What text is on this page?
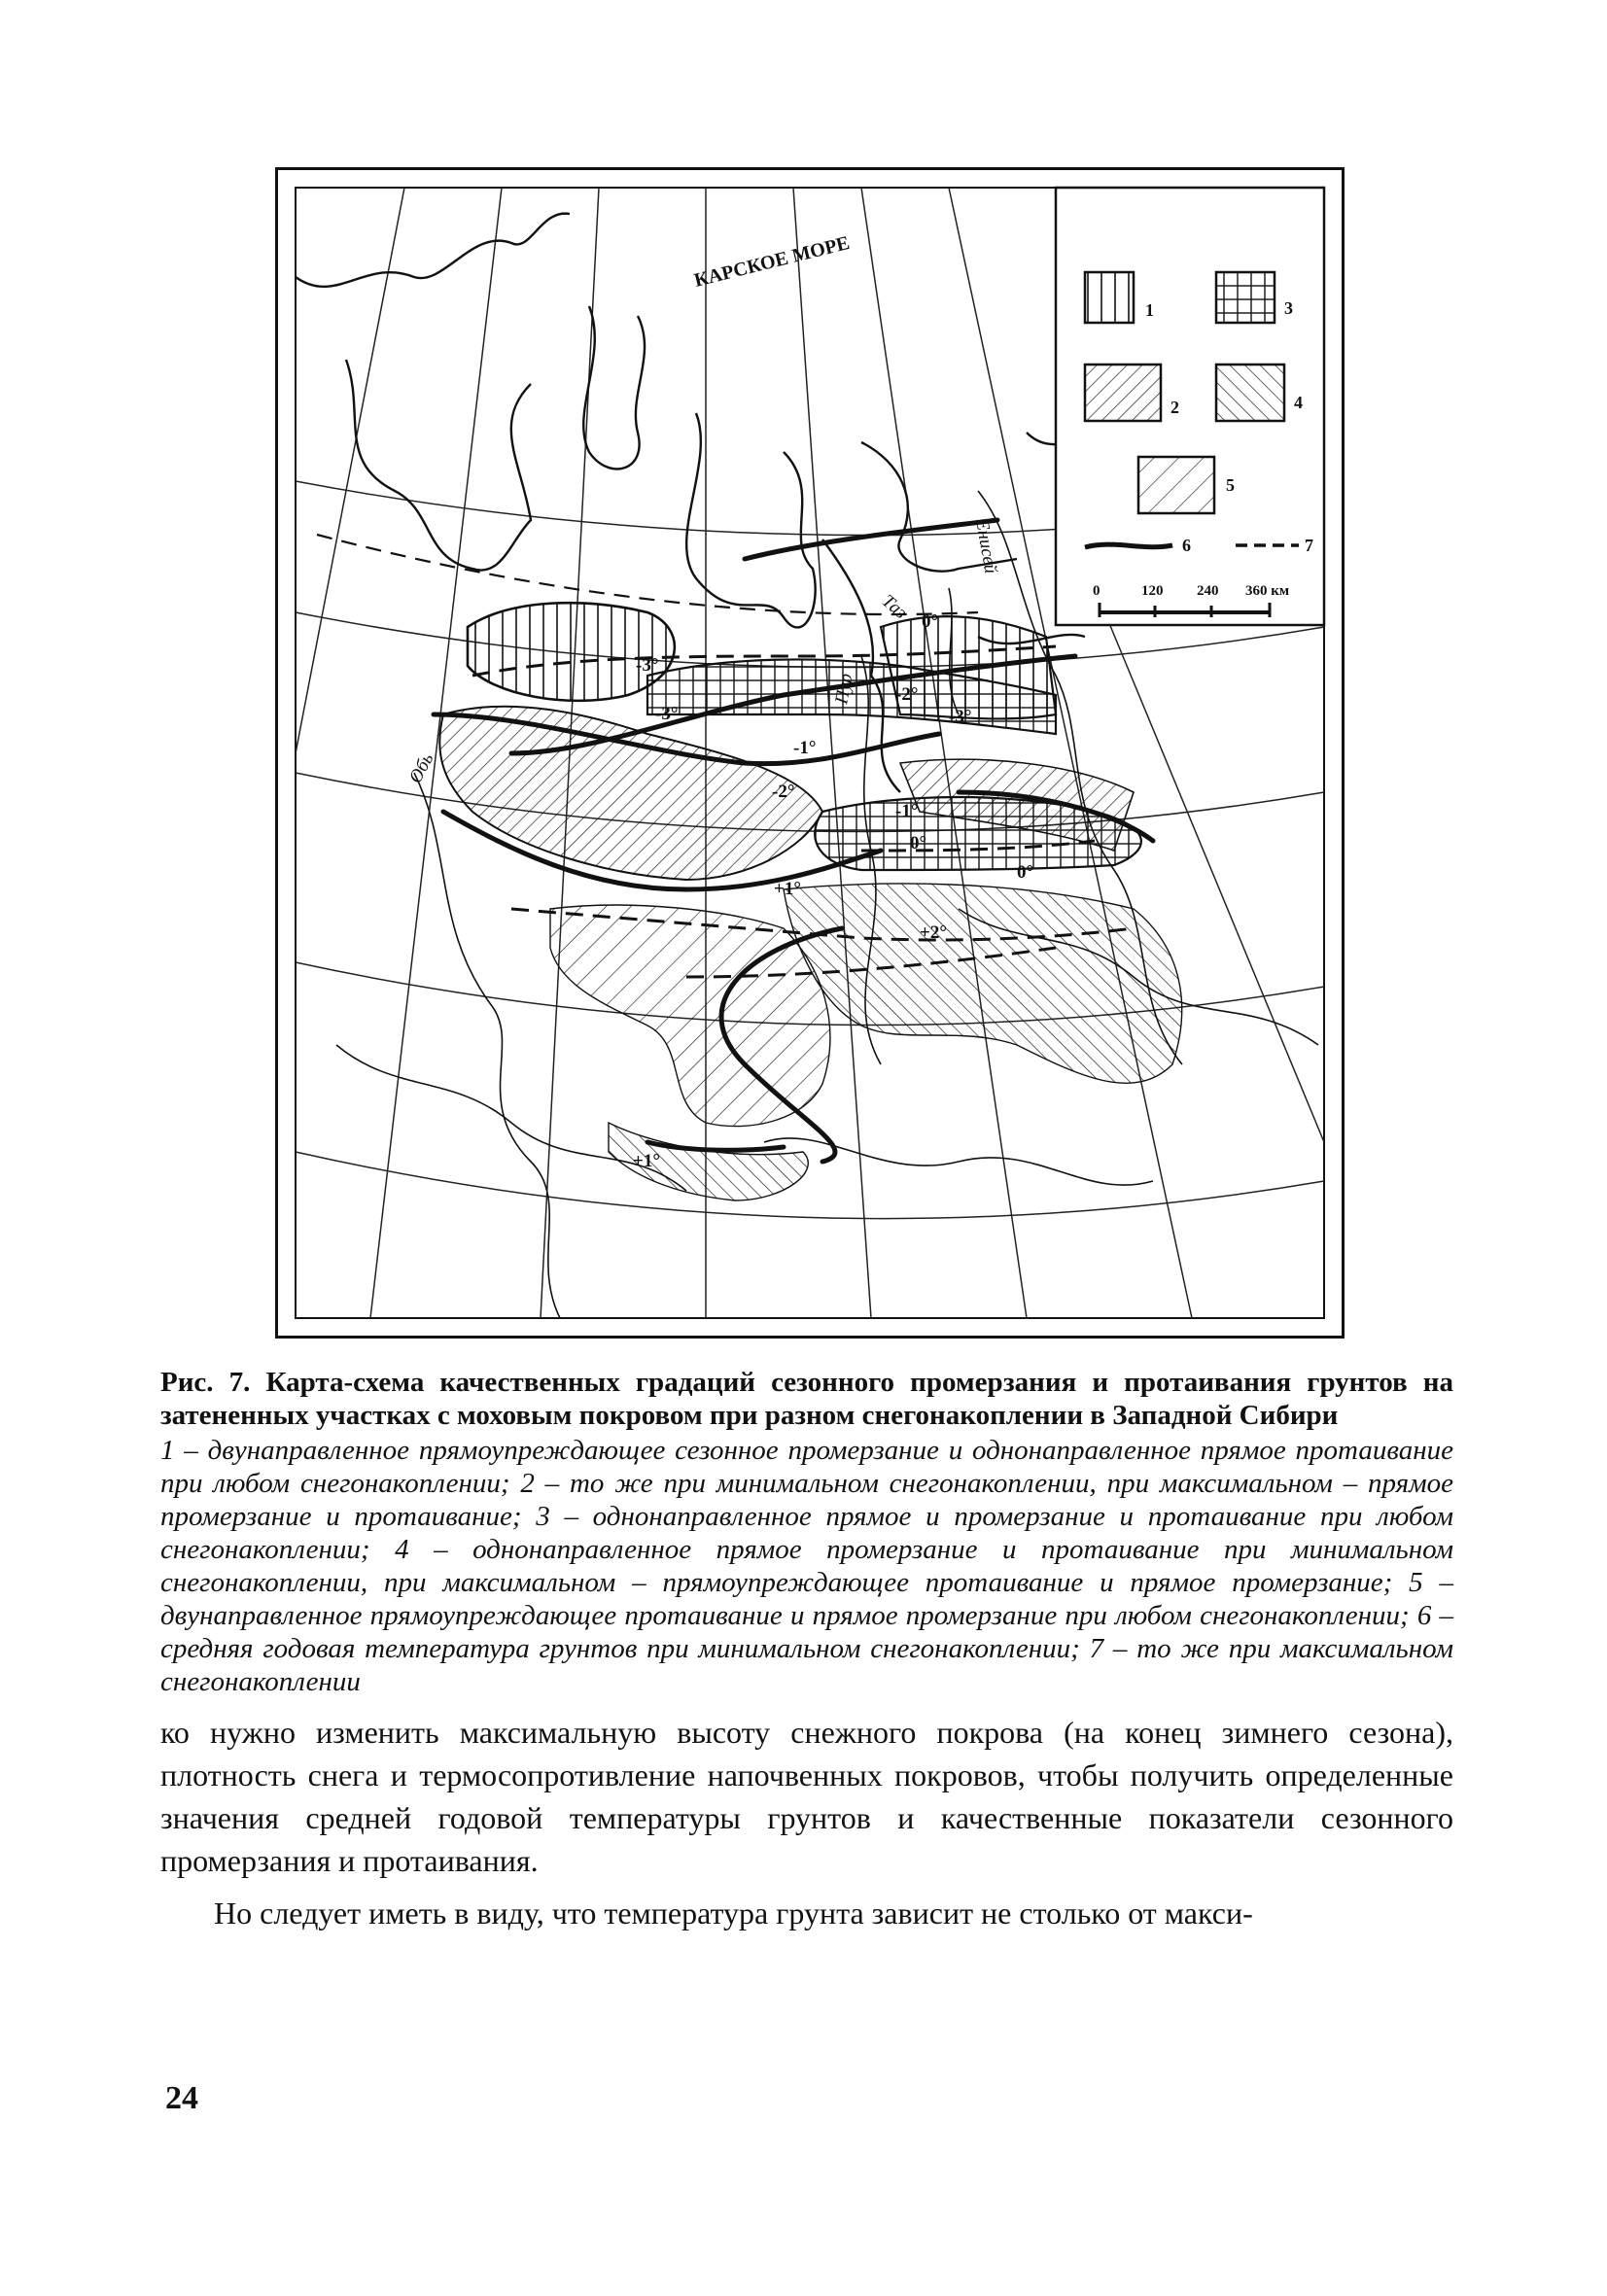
КАРСКОЕ МОРЕ
Обь
Пур
Таз
Енисей
-3°
-3°
-2°
-2°
-1°
-1°
-3°
0°
0°
0°
+1°
+2°
+1°
1	3
2	4
5
6	7
0	120 240 360 км
Рис. 7. Карта-схема качественных градаций сезонного промерзания и протаивания грунтов на затененных участках с моховым покровом при разном снегонакоплении в Западной Сибири
1 – двунаправленное прямоупреждающее сезонное промерзание и однонаправленное прямое протаивание при любом снегонакоплении; 2 – то же при минимальном снегонакоплении, при максимальном – прямое промерзание и протаивание; 3 – однонаправленное прямое и промерзание и протаивание при любом снегонакоплении; 4 – однонаправленное прямое промерзание и протаивание при минимальном снегонакоплении, при максимальном – прямоупреждающее протаивание и прямое промерзание; 5 – двунаправленное прямоупреждающее протаивание и прямое промерзание при любом снегонакоплении; 6 – средняя годовая температура грунтов при минимальном снегонакоплении; 7 – то же при максимальном снегонакоплении

ко нужно изменить максимальную высоту снежного покрова (на конец зимнего сезона), плотность снега и термосопротивление напочвенных покровов, чтобы получить определенные значения средней годовой температуры грунтов и качественные показатели сезонного промерзания и протаивания.

Но следует иметь в виду, что температура грунта зависит не столько от макси-

24
